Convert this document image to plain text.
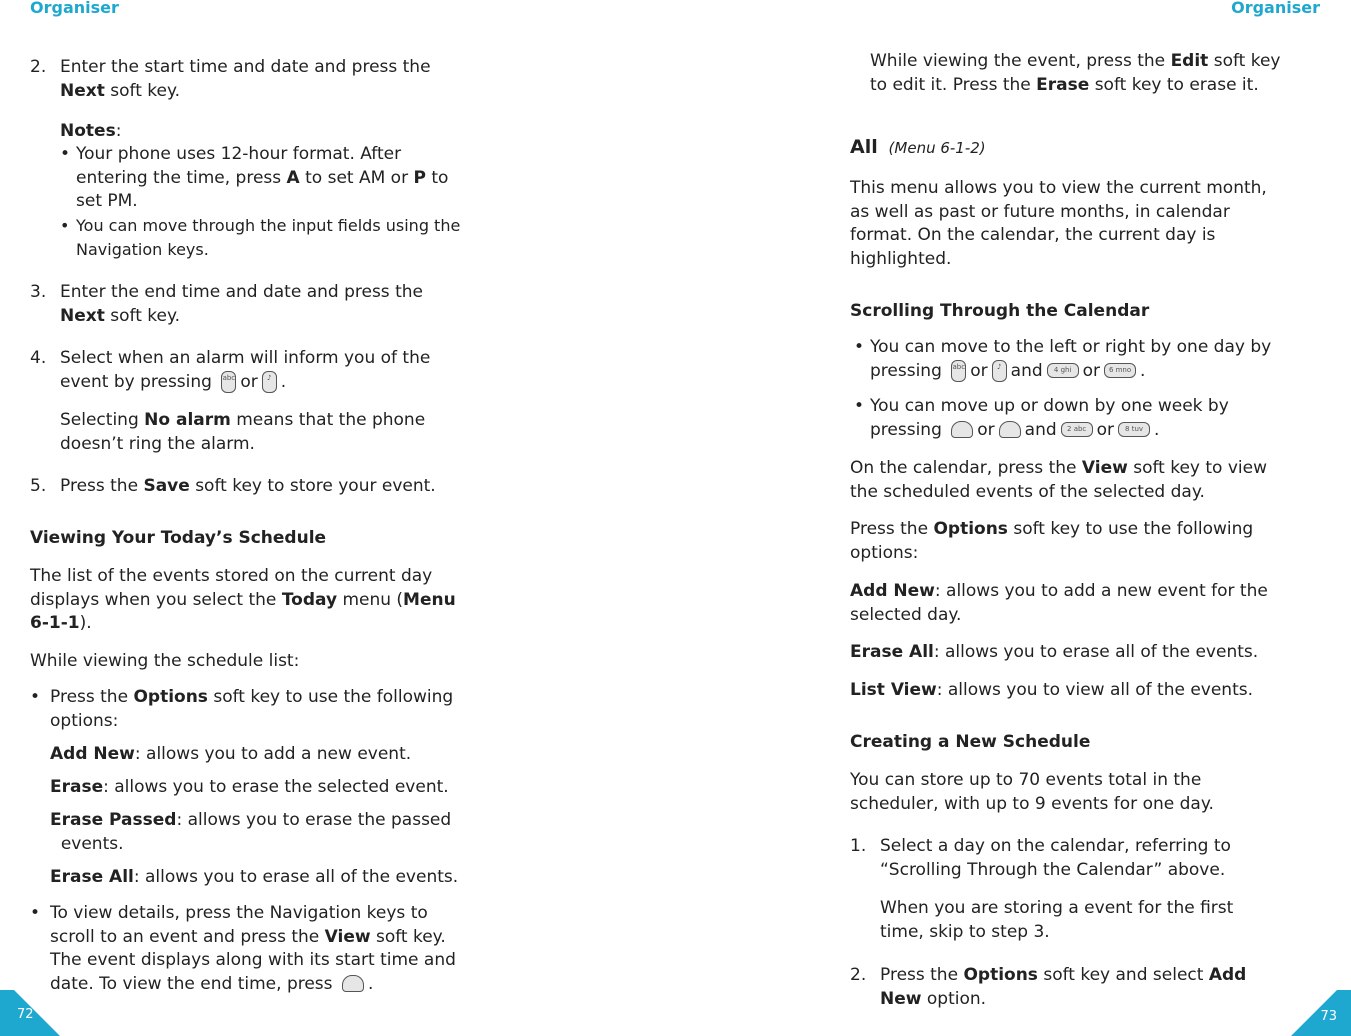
Organiser
2. Enter the start time and date and press the
Next soft key.
Notes:
• Your phone uses 12-hour format. After
entering the time, press A to set AM or P to
set PM.
• You can move through the input fields using the
Navigation keys.
3. Enter the end time and date and press the
Next soft key.
4. Select when an alarm will inform you of the
event by pressing abc or ♪ .
Selecting No alarm means that the phone
doesn’t ring the alarm.
5. Press the Save soft key to store your event.
Viewing Your Today’s Schedule
The list of the events stored on the current day
displays when you select the Today menu (Menu
6-1-1).
While viewing the schedule list:
• Press the Options soft key to use the following
options:
Add New: allows you to add a new event.
Erase: allows you to erase the selected event.
Erase Passed: allows you to erase the passed
events.
Erase All: allows you to erase all of the events.
• To view details, press the Navigation keys to
scroll to an event and press the View soft key.
The event displays along with its start time and
date. To view the end time, press .
72
Organiser
While viewing the event, press the Edit soft key
to edit it. Press the Erase soft key to erase it.
All (Menu 6-1-2)
This menu allows you to view the current month,
as well as past or future months, in calendar
format. On the calendar, the current day is
highlighted.
Scrolling Through the Calendar
• You can move to the left or right by one day by
pressing abc or ♪ and 4 ghi or 6 mno .
• You can move up or down by one week by
pressing or and 2 abc or 8 tuv .
On the calendar, press the View soft key to view
the scheduled events of the selected day.
Press the Options soft key to use the following
options:
Add New: allows you to add a new event for the
selected day.
Erase All: allows you to erase all of the events.
List View: allows you to view all of the events.
Creating a New Schedule
You can store up to 70 events total in the
scheduler, with up to 9 events for one day.
1. Select a day on the calendar, referring to
“Scrolling Through the Calendar” above.
When you are storing a event for the first
time, skip to step 3.
2. Press the Options soft key and select Add
New option.
73
